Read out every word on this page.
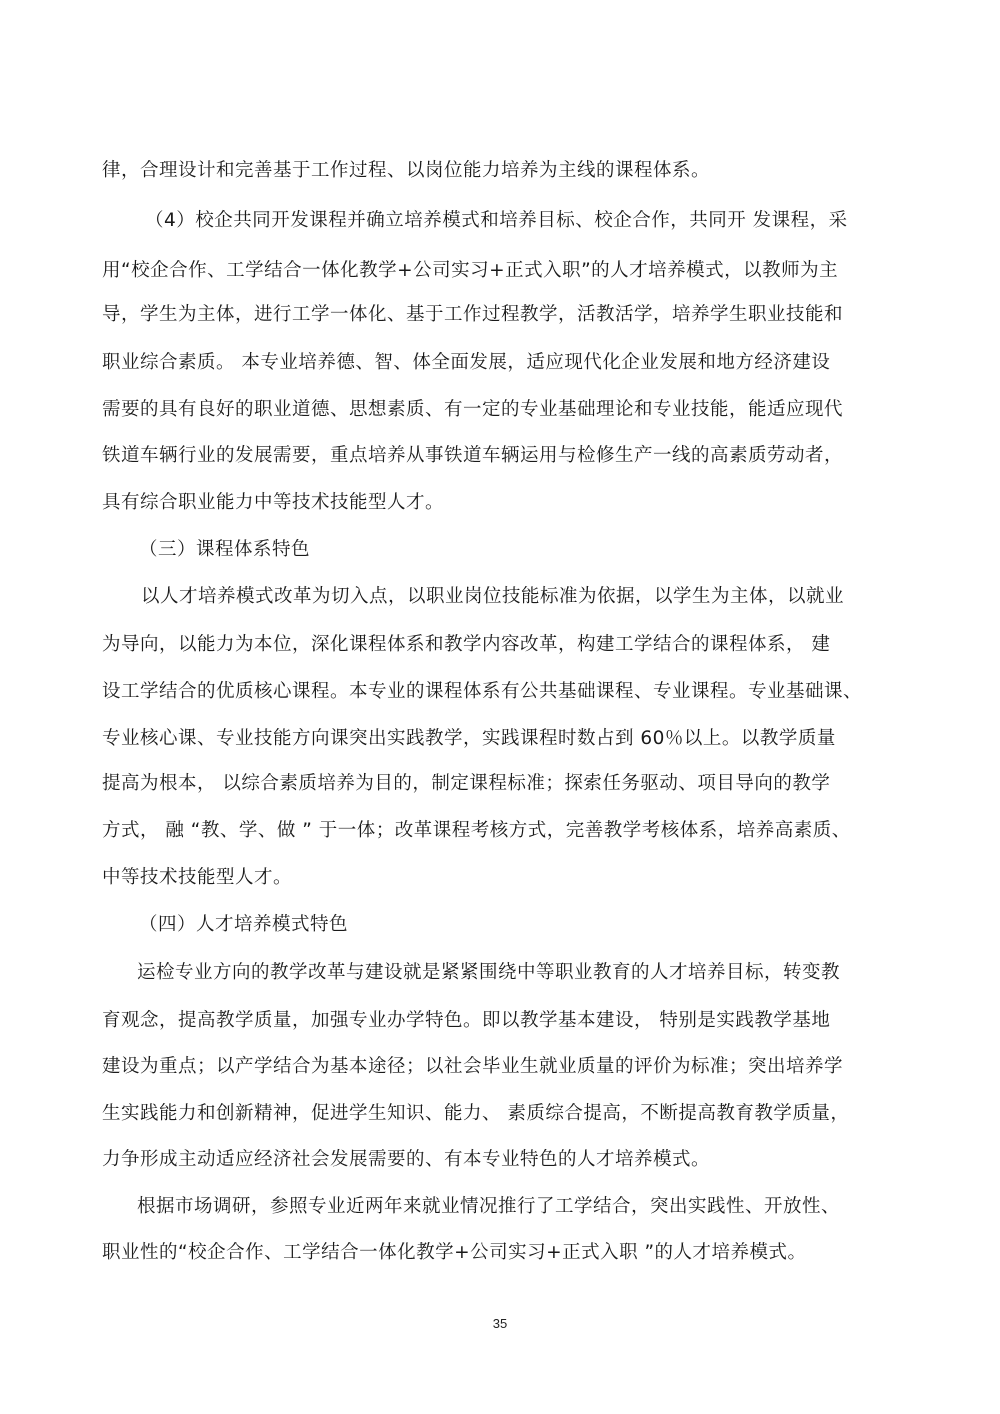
律，合理设计和完善基于工作过程、以岗位能力培养为主线的课程体系。
（4）校企共同开发课程并确立培养模式和培养目标、校企合作，共同开 发课程，采
用“校企合作、工学结合一体化教学+公司实习+正式入职”的人才培养模式，以教师为主
导，学生为主体，进行工学一体化、基于工作过程教学，活教活学，培养学生职业技能和
职业综合素质。 本专业培养德、智、体全面发展，适应现代化企业发展和地方经济建设
需要的具有良好的职业道德、思想素质、有一定的专业基础理论和专业技能，能适应现代
铁道车辆行业的发展需要，重点培养从事铁道车辆运用与检修生产一线的高素质劳动者，
具有综合职业能力中等技术技能型人才。
（三）课程体系特色
以人才培养模式改革为切入点，以职业岗位技能标准为依据，以学生为主体，以就业
为导向，以能力为本位，深化课程体系和教学内容改革，构建工学结合的课程体系， 建
设工学结合的优质核心课程。本专业的课程体系有公共基础课程、专业课程。专业基础课、
专业核心课、专业技能方向课突出实践教学，实践课程时数占到 60％以上。以教学质量
提高为根本， 以综合素质培养为目的，制定课程标准；探索任务驱动、项目导向的教学
方式， 融 “教、学、做 ” 于一体；改革课程考核方式，完善教学考核体系，培养高素质、
中等技术技能型人才。
（四）人才培养模式特色
运检专业方向的教学改革与建设就是紧紧围绕中等职业教育的人才培养目标，转变教
育观念，提高教学质量，加强专业办学特色。即以教学基本建设， 特别是实践教学基地
建设为重点；以产学结合为基本途径；以社会毕业生就业质量的评价为标准；突出培养学
生实践能力和创新精神，促进学生知识、能力、 素质综合提高，不断提高教育教学质量，
力争形成主动适应经济社会发展需要的、有本专业特色的人才培养模式。
根据市场调研，参照专业近两年来就业情况推行了工学结合，突出实践性、开放性、
职业性的“校企合作、工学结合一体化教学+公司实习+正式入职 ”的人才培养模式。
35
